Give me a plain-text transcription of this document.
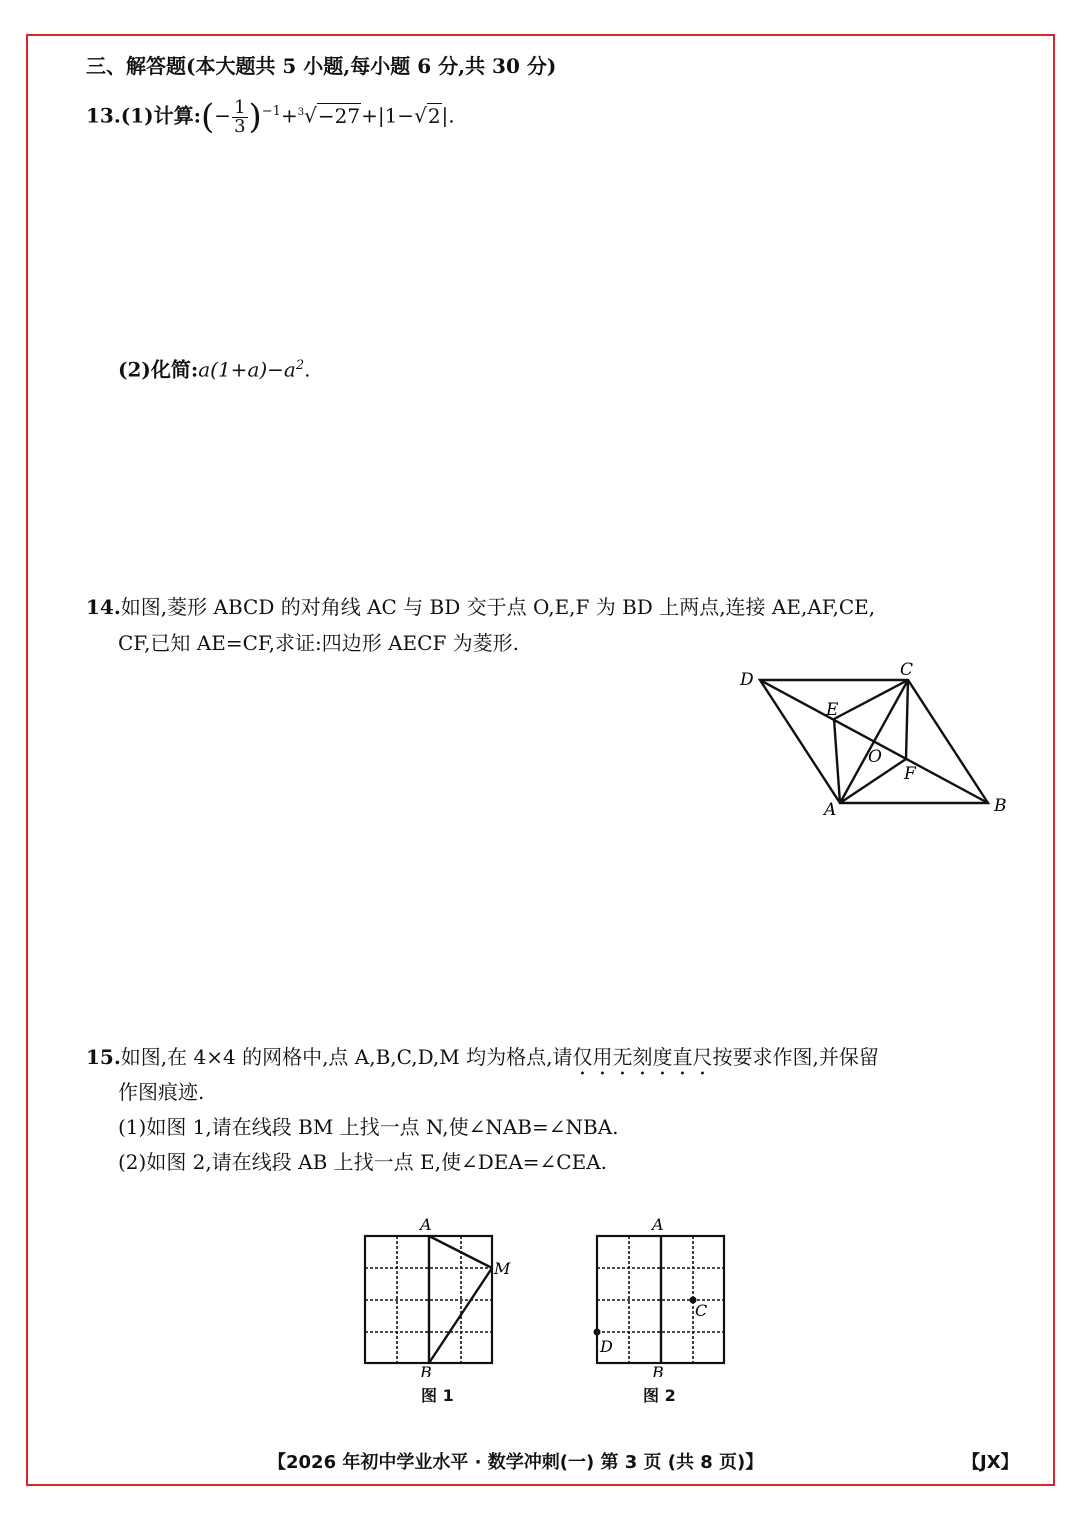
三、解答题(本大题共 5 小题,每小题 6 分,共 30 分)
13.(1)计算:(− $\frac{1}{3} )^{-1}+^3√-27+|1-√2|$.
(2)化简$:a(1+a)-a^2$.
14.如图,菱形 ABCD 的对角线 AC 与 BD 交于点 O,E,F 为 BD 上两点,连接 AE,AF,CE,
CF,已知 AE=CF,求证:四边形 AECF 为菱形.
D	C
B
A
E
F
O
15.如图,在 4×4 的网格中,点 A,B,C,D,M 均为格点,请仅用无刻度直尺按要求作图,并保留
作图痕迹.
(1)如图 1,请在线段 BM 上找一点 N,使∠NAB=∠NBA.
(2)如图 2,请在线段 AB 上找一点 E,使∠DEA=∠CEA.
A
M
B
图 1
A
C
D
B
图 2
【2026 年初中学业水平 · 数学冲刺(一) 第 3 页 (共 8 页)】	【JX】
